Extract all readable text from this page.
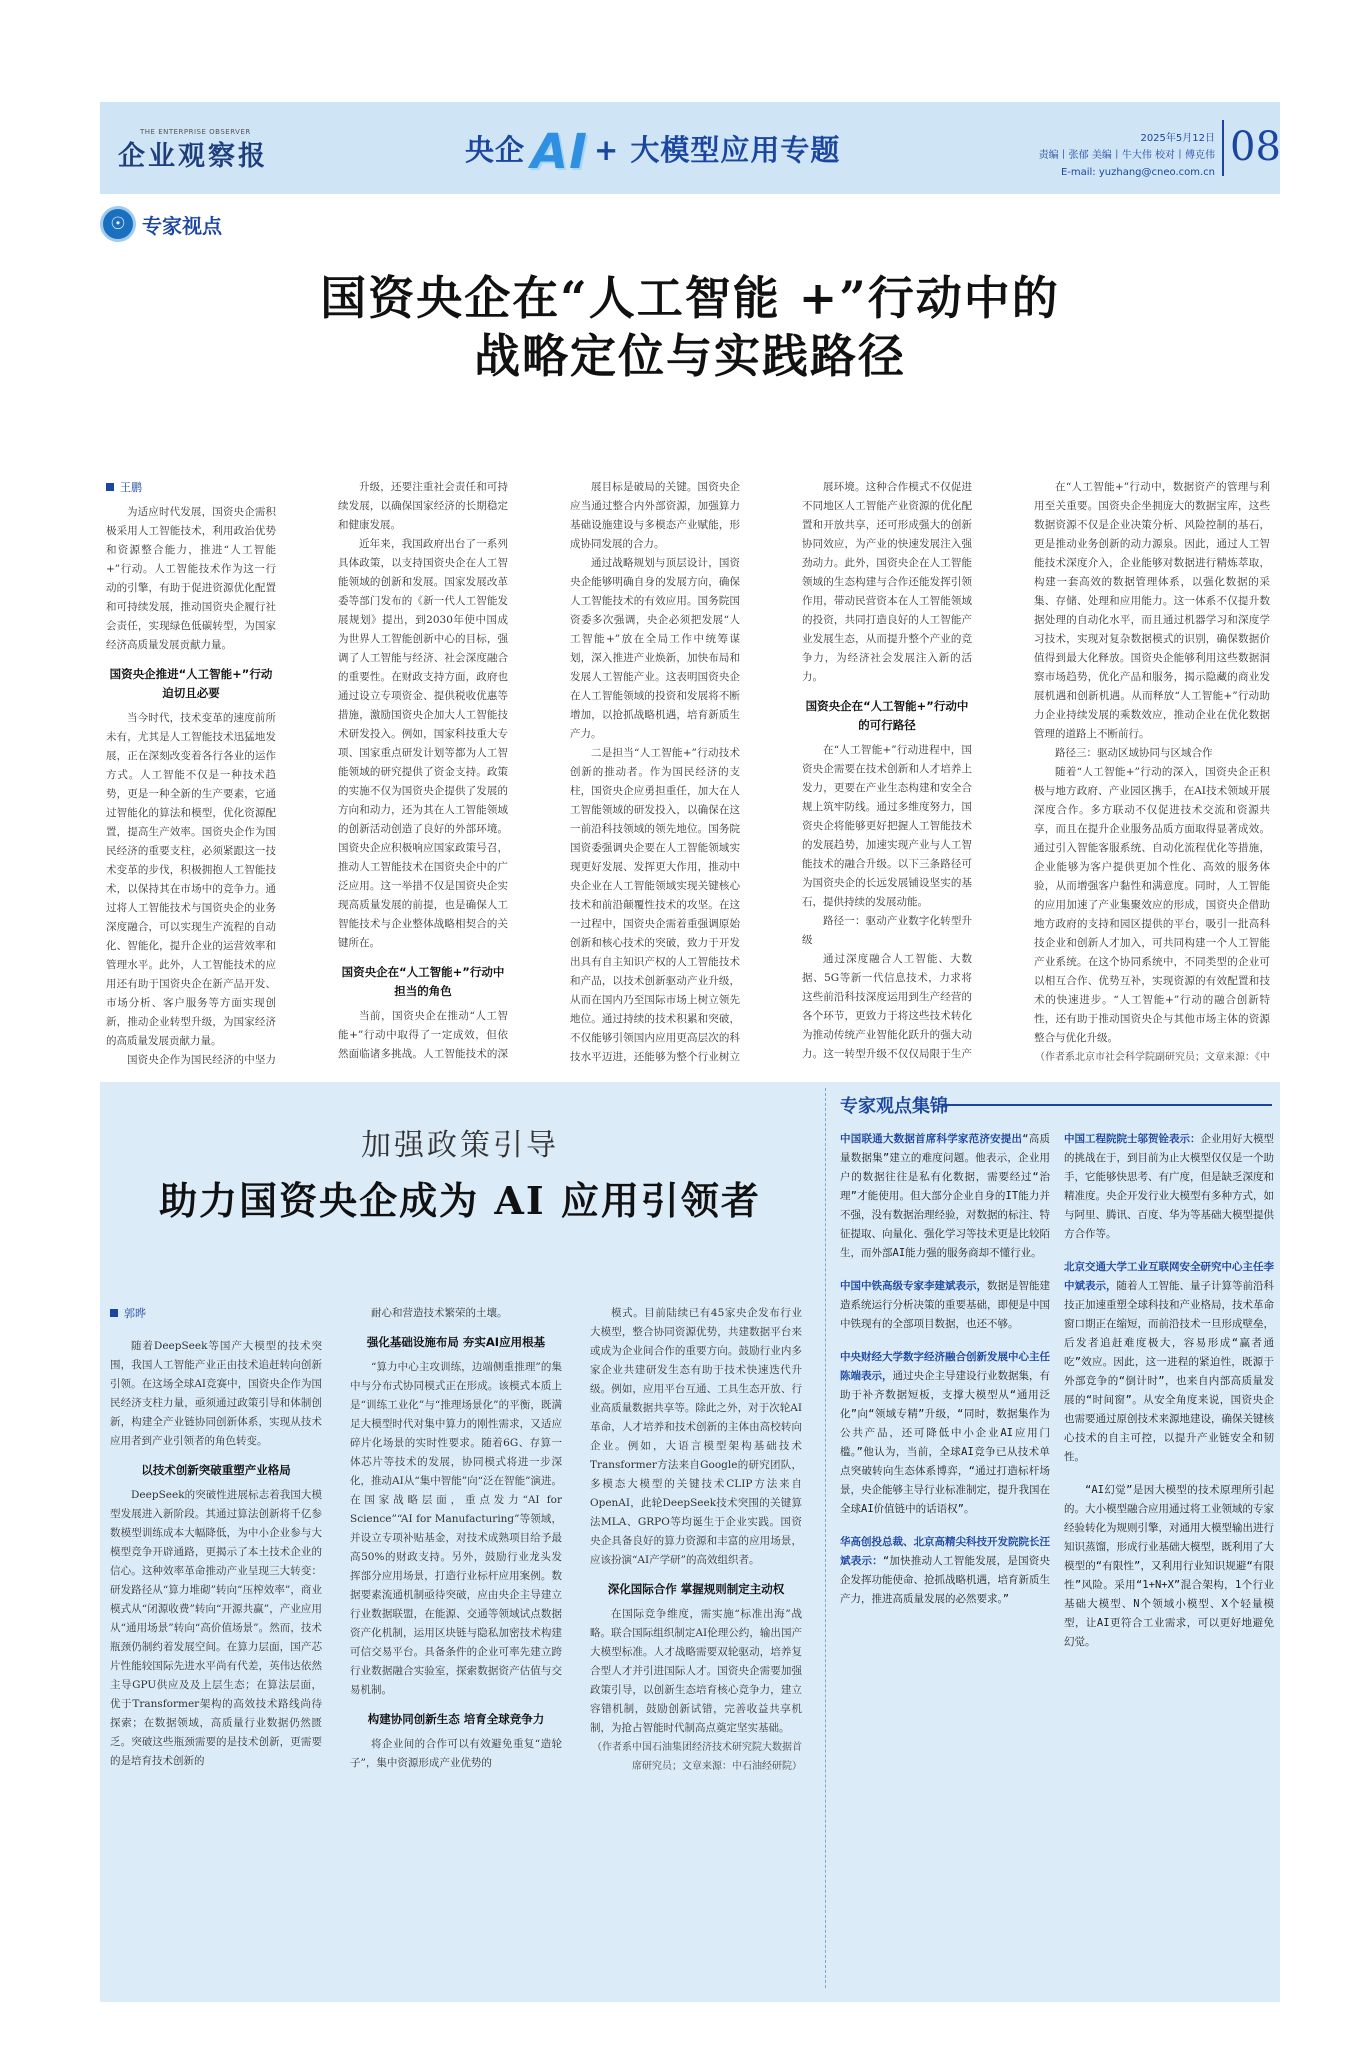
THE ENTERPRISE OBSERVER
企业观察报	央企 AI + 大模型应用专题	2025年5月12日
责编丨张郁 美编丨牛大伟 校对丨傅克伟
E-mail: yuzhang@cneo.com.cn
08
☉ 专家视点
国资央企在“人工智能 +”行动中的
战略定位与实践路径

王鹏

为适应时代发展，国资央企需积极采用人工智能技术，利用政治优势和资源整合能力，推进“人工智能+”行动。人工智能技术作为这一行动的引擎，有助于促进资源优化配置和可持续发展，推动国资央企履行社会责任，实现绿色低碳转型，为国家经济高质量发展贡献力量。

国资央企推进“人工智能+”行动迫切且必要

当今时代，技术变革的速度前所未有，尤其是人工智能技术迅猛地发展，正在深刻改变着各行各业的运作方式。人工智能不仅是一种技术趋势，更是一种全新的生产要素，它通过智能化的算法和模型，优化资源配置，提高生产效率。国资央企作为国民经济的重要支柱，必须紧跟这一技术变革的步伐，积极拥抱人工智能技术，以保持其在市场中的竞争力。通过将人工智能技术与国资央企的业务深度融合，可以实现生产流程的自动化、智能化，提升企业的运营效率和管理水平。此外，人工智能技术的应用还有助于国资央企在新产品开发、市场分析、客户服务等方面实现创新，推动企业转型升级，为国家经济的高质量发展贡献力量。

国资央企作为国民经济的中坚力

升级，还要注重社会责任和可持续发展，以确保国家经济的长期稳定和健康发展。

近年来，我国政府出台了一系列具体政策，以支持国资央企在人工智能领域的创新和发展。国家发展改革委等部门发布的《新一代人工智能发展规划》提出，到2030年使中国成为世界人工智能创新中心的目标，强调了人工智能与经济、社会深度融合的重要性。在财政支持方面，政府也通过设立专项资金、提供税收优惠等措施，激励国资央企加大人工智能技术研发投入。例如，国家科技重大专项、国家重点研发计划等都为人工智能领域的研究提供了资金支持。政策的实施不仅为国资央企提供了发展的方向和动力，还为其在人工智能领域的创新活动创造了良好的外部环境。国资央企应积极响应国家政策号召，推动人工智能技术在国资央企中的广泛应用。这一举措不仅是国资央企实现高质量发展的前提，也是确保人工智能技术与企业整体战略相契合的关键所在。

国资央企在“人工智能+”行动中担当的角色

当前，国资央企在推动“人工智能+”行动中取得了一定成效，但依然面临诸多挑战。人工智能技术的深

展目标是破局的关键。国资央企应当通过整合内外部资源，加强算力基础设施建设与多模态产业赋能，形成协同发展的合力。

通过战略规划与顶层设计，国资央企能够明确自身的发展方向，确保人工智能技术的有效应用。国务院国资委多次强调，央企必须把发展“人工智能+”放在全局工作中统筹谋划，深入推进产业焕新，加快布局和发展人工智能产业。这表明国资央企在人工智能领域的投资和发展将不断增加，以抢抓战略机遇，培育新质生产力。

二是担当“人工智能+”行动技术创新的推动者。作为国民经济的支柱，国资央企应勇担重任，加大在人工智能领域的研发投入，以确保在这一前沿科技领域的领先地位。国务院国资委强调央企要在人工智能领域实现更好发展、发挥更大作用，推动中央企业在人工智能领域实现关键核心技术和前沿颠覆性技术的攻坚。在这一过程中，国资央企需着重强调原始创新和核心技术的突破，致力于开发出具有自主知识产权的人工智能技术和产品，以技术创新驱动产业升级，从而在国内乃至国际市场上树立领先地位。通过持续的技术积累和突破，不仅能够引领国内应用更高层次的科技水平迈进，还能够为整个行业树立

展环境。这种合作模式不仅促进不同地区人工智能产业资源的优化配置和开放共享，还可形成强大的创新协同效应，为产业的快速发展注入强劲动力。此外，国资央企在人工智能领域的生态构建与合作还能发挥引领作用，带动民营资本在人工智能领域的投资，共同打造良好的人工智能产业发展生态，从而提升整个产业的竞争力，为经济社会发展注入新的活力。

国资央企在“人工智能+”行动中的可行路径

在“人工智能+”行动进程中，国资央企需要在技术创新和人才培养上发力，更要在产业生态构建和安全合规上筑牢防线。通过多维度努力，国资央企将能够更好把握人工智能技术的发展趋势，加速实现产业与人工智能技术的融合升级。以下三条路径可为国资央企的长远发展铺设坚实的基石，提供持续的发展动能。

路径一：驱动产业数字化转型升级

通过深度融合人工智能、大数据、5G等新一代信息技术，力求将这些前沿科技深度运用到生产经营的各个环节，更致力于将这些技术转化为推动传统产业智能化跃升的强大动力。这一转型升级不仅仅局限于生产

在“人工智能+”行动中，数据资产的管理与利用至关重要。国资央企坐拥庞大的数据宝库，这些数据资源不仅是企业决策分析、风险控制的基石，更是推动业务创新的动力源泉。因此，通过人工智能技术深度介入，企业能够对数据进行精炼萃取，构建一套高效的数据管理体系，以强化数据的采集、存储、处理和应用能力。这一体系不仅提升数据处理的自动化水平，而且通过机器学习和深度学习技术，实现对复杂数据模式的识别，确保数据价值得到最大化释放。国资央企能够利用这些数据洞察市场趋势，优化产品和服务，揭示隐藏的商业发展机遇和创新机遇。从而释放“人工智能+”行动助力企业持续发展的乘数效应，推动企业在优化数据管理的道路上不断前行。

路径三：驱动区域协同与区域合作

随着“人工智能+”行动的深入，国资央企正积极与地方政府、产业园区携手，在AI技术领域开展深度合作。多方联动不仅促进技术交流和资源共享，而且在提升企业服务品质方面取得显著成效。通过引入智能客服系统、自动化流程优化等措施，企业能够为客户提供更加个性化、高效的服务体验，从而增强客户黏性和满意度。同时，人工智能的应用加速了产业集聚效应的形成，国资央企借助地方政府的支持和园区提供的平台，吸引一批高科技企业和创新人才加入，可共同构建一个人工智能产业系统。在这个协同系统中，不同类型的企业可以相互合作、优势互补，实现资源的有效配置和技术的快速进步。“人工智能+”行动的融合创新特性，还有助于推动国资央企与其他市场主体的资源整合与优化升级。

（作者系北京市社会科学院副研究员；文章来源：《中

加强政策引导
助力国资央企成为 AI 应用引领者

郭晔

随着DeepSeek等国产大模型的技术突围，我国人工智能产业正由技术追赶转向创新引领。在这场全球AI竞赛中，国资央企作为国民经济支柱力量，亟须通过政策引导和体制创新，构建全产业链协同创新体系，实现从技术应用者到产业引领者的角色转变。

以技术创新突破重塑产业格局

DeepSeek的突破性进展标志着我国大模型发展进入新阶段。其通过算法创新将千亿参数模型训练成本大幅降低，为中小企业参与大模型竞争开辟通路，更揭示了本土技术企业的信心。这种效率革命推动产业呈现三大转变：研发路径从“算力堆砌”转向“压榨效率”，商业模式从“闭源收费”转向“开源共赢”，产业应用从“通用场景”转向“高价值场景”。然而，技术瓶颈仍制约着发展空间。在算力层面，国产芯片性能较国际先进水平尚有代差，英伟达依然主导GPU供应及及上层生态；在算法层面，优于Transformer架构的高效技术路线尚待探索；在数据领域，高质量行业数据仍然匮乏。突破这些瓶颈需要的是技术创新，更需要的是培育技术创新的

耐心和营造技术繁荣的土壤。

强化基础设施布局 夯实AI应用根基

“算力中心主攻训练，边端侧重推理”的集中与分布式协同模式正在形成。该模式本质上是“训练工业化”与“推理场景化”的平衡，既满足大模型时代对集中算力的刚性需求，又适应碎片化场景的实时性要求。随着6G、存算一体芯片等技术的发展，协同模式将进一步深化，推动AI从“集中智能”向“泛在智能”演进。在国家战略层面，重点发力“AI for Science”“AI for Manufacturing”等领域，并设立专项补贴基金，对技术成熟项目给予最高50%的财政支持。另外，鼓励行业龙头发挥部分应用场景，打造行业标杆应用案例。数据要素流通机制亟待突破，应由央企主导建立行业数据联盟，在能源、交通等领域试点数据资产化机制，运用区块链与隐私加密技术构建可信交易平台。具备条件的企业可率先建立跨行业数据融合实验室，探索数据资产估值与交易机制。

构建协同创新生态 培育全球竞争力

将企业间的合作可以有效避免重复“造轮子”，集中资源形成产业优势的

模式。目前陆续已有45家央企发布行业大模型，整合协同资源优势，共建数据平台来或成为企业间合作的重要方向。鼓励行业内多家企业共建研发生态有助于技术快速迭代升级。例如，应用平台互通、工具生态开放、行业高质量数据共享等。除此之外，对于次轮AI革命，人才培养和技术创新的主体由高校转向企业。例如，大语言模型架构基础技术Transformer方法来自Google的研究团队，多模态大模型的关键技术CLIP方法来自OpenAI，此轮DeepSeek技术突围的关键算法MLA、GRPO等均诞生于企业实践。国资央企具备良好的算力资源和丰富的应用场景，应该扮演“AI产学研”的高效组织者。

深化国际合作 掌握规则制定主动权

在国际竞争维度，需实施“标准出海”战略。联合国际组织制定AI伦理公约，输出国产大模型标准。人才战略需要双轮驱动，培养复合型人才并引进国际人才。国资央企需要加强政策引导，以创新生态培育核心竞争力，建立容错机制，鼓励创新试错，完善收益共享机制，为抢占智能时代制高点奠定坚实基础。

（作者系中国石油集团经济技术研究院大数据首席研究员；文章来源：中石油经研院）

专家观点集锦
中国联通大数据首席科学家范济安提出“高质量数据集”建立的难度问题。他表示，企业用户的数据往往是私有化数据，需要经过“治理”才能使用。但大部分企业自身的IT能力并不强，没有数据治理经验，对数据的标注、特征提取、向量化、强化学习等技术更是比较陌生，而外部AI能力强的服务商却不懂行业。
中国中铁高级专家李建斌表示，数据是智能建造系统运行分析决策的重要基础，即便是中国中铁现有的全部项目数据，也还不够。
中央财经大学数字经济融合创新发展中心主任陈端表示，通过央企主导建设行业数据集，有助于补齐数据短板，支撑大模型从“通用泛化”向“领域专精”升级，“同时，数据集作为公共产品，还可降低中小企业AI应用门槛。”他认为，当前，全球AI竞争已从技术单点突破转向生态体系博弈，“通过打造标杆场景，央企能够主导行业标准制定，提升我国在全球AI价值链中的话语权”。
华高创投总裁、北京高精尖科技开发院院长汪斌表示：“加快推动人工智能发展，是国资央企发挥功能使命、抢抓战略机遇，培育新质生产力，推进高质量发展的必然要求。”
中国工程院院士邬贺铨表示：企业用好大模型的挑战在于，到目前为止大模型仅仅是一个助手，它能够快思考、有广度，但是缺乏深度和精准度。央企开发行业大模型有多种方式，如与阿里、腾讯、百度、华为等基础大模型提供方合作等。
北京交通大学工业互联网安全研究中心主任李中斌表示，随着人工智能、量子计算等前沿科技正加速重塑全球科技和产业格局，技术革命窗口期正在缩短，而前沿技术一旦形成壁垒，后发者追赶难度极大，容易形成“赢者通吃”效应。因此，这一进程的紧迫性，既源于外部竞争的“倒计时”，也来自内部高质量发展的“时间窗”。从安全角度来说，国资央企也需要通过原创技术来源地建设，确保关键核心技术的自主可控，以提升产业链安全和韧性。
“AI幻觉”是因大模型的技术原理所引起的。大小模型融合应用通过将工业领域的专家经验转化为规则引擎，对通用大模型输出进行知识蒸馏，形成行业基础大模型，既利用了大模型的“有限性”，又利用行业知识规避“有限性”风险。采用“1+N+X”混合架构，1个行业基础大模型、N个领域小模型、X个轻量模型，让AI更符合工业需求，可以更好地避免幻觉。
